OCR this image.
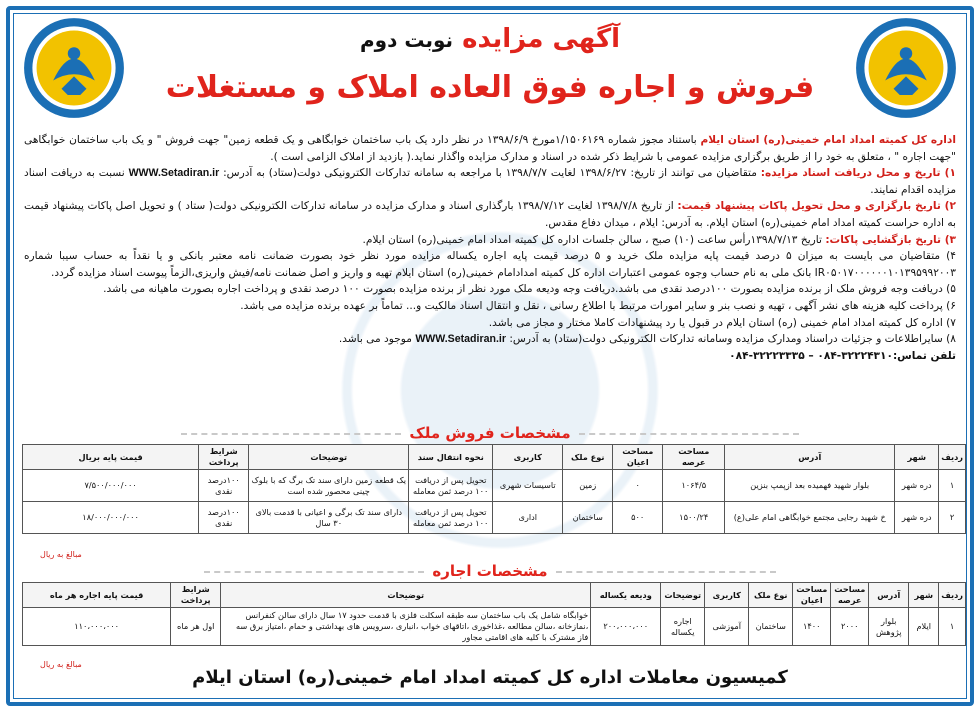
آگهی مزایده نوبت دوم
فروش و اجاره فوق العاده املاک و مستغلات

اداره کل کمیته امداد امام خمینی(ره) استان ایلام باستناد مجوز شماره ۱/۱۵۰۶۱۶۹مورخ ۱۳۹۸/۶/۹ در نظر دارد یک باب ساختمان خوابگاهی و یک قطعه زمین" جهت فروش " و یک باب ساختمان خوابگاهی "جهت اجاره " ، متعلق به خود را از طریق برگزاری مزایده عمومی با شرایط ذکر شده در اسناد و مدارک مزایده واگذار نماید.( بازدید از املاک الزامی است ).

۱) تاریخ و محل دریافت اسناد مزایده: متقاضیان می توانند از تاریخ: ۱۳۹۸/۶/۲۷ لغایت ۱۳۹۸/۷/۷ با مراجعه به سامانه تدارکات الکترونیکی دولت(ستاد) به آدرس: WWW.Setadiran.ir نسبت به دریافت اسناد مزایده اقدام نمایند.

۲) تاریخ بارگزاری و محل تحویل پاکات پیشنهاد قیمت: از تاریخ ۱۳۹۸/۷/۸ لغایت ۱۳۹۸/۷/۱۲ بارگذاری اسناد و مدارک مزایده در سامانه تدارکات الکترونیکی دولت( ستاد ) و تحویل اصل پاکات پیشنهاد قیمت به اداره حراست کمیته امداد امام خمینی(ره) استان ایلام. به آدرس: ایلام ، میدان دفاع مقدس.

۳) تاریخ بازگشایی پاکات: تاریخ ۱۳۹۸/۷/۱۳رأس ساعت (۱۰) صبح ، سالن جلسات اداره کل کمیته امداد امام خمینی(ره) استان ایلام.

۴) متقاضیان می بایست به میزان ۵ درصد قیمت پایه مزایده ملک خرید و ۵ درصد قیمت پایه اجاره یکساله مزایده مورد نظر خود بصورت ضمانت نامه معتبر بانکی و یا نقداً به حساب سیبا شماره IR۰۵۰۱۷۰۰۰۰۰۰۱۰۱۳۹۵۹۹۲۰۰۳ بانک ملی به نام حساب وجوه عمومی اعتبارات اداره کل کمیته امدادامام خمینی(ره) استان ایلام تهیه و واریز و اصل ضمانت نامه/فیش واریزی،الزماً پیوست اسناد مزایده گردد.

۵) دریافت وجه فروش ملک از برنده مزایده بصورت ۱۰۰درصد نقدی می باشد.دریافت وجه ودیعه ملک مورد نظر از برنده مزایده بصورت ۱۰۰ درصد نقدی و پرداخت اجاره بصورت ماهیانه می باشد.

۶) پرداخت کلیه هزینه های نشر آگهی ، تهیه و نصب بنر و سایر امورات مرتبط با اطلاع رسانی ، نقل و انتقال اسناد مالکیت و... تماماً بر عهده برنده مزایده می باشد.

۷) اداره کل کمیته امداد امام خمینی (ره) استان ایلام در قبول یا رد پیشنهادات کاملا مختار و مجاز می باشد.

۸) سایراطلاعات و جزئیات دراسناد ومدارک مزایده وسامانه تدارکات الکترونیکی دولت(ستاد) به آدرس: WWW.Setadiran.ir موجود می باشد.

تلفن تماس:۳۲۲۲۴۳۱۰-۰۸۴ – ۳۲۲۲۳۳۳۵-۰۸۴

مشخصات فروش ملک
ردیف	شهر	آدرس	مساحت عرصه	مساحت اعیان	نوع ملک	کاربری	نحوه انتقال سند	توضیحات	شرایط پرداخت	قیمت پایه بریال
۱	دره شهر	بلوار شهید فهمیده بعد ازپمپ بنزین	۱۰۶۴/۵	۰	زمین	تاسیسات شهری	تحویل پس از دریافت ۱۰۰ درصد ثمن معامله	یک قطعه زمین دارای سند تک برگ که با بلوک چینی محصور شده است	۱۰۰درصد نقدی	۷/۵۰۰/۰۰۰/۰۰۰
۲	دره شهر	خ شهید رجایی مجتمع خوابگاهی امام علی(ع)	۱۵۰۰/۲۴	۵۰۰	ساختمان	اداری	تحویل پس از دریافت ۱۰۰ درصد ثمن معامله	دارای سند تک برگی و اعیانی با قدمت بالای ۳۰ سال	۱۰۰درصد نقدی	۱۸/۰۰۰/۰۰۰/۰۰۰
مبالغ به ریال
مشخصات اجاره
ردیف	شهر	آدرس	مساحت عرصه	مساحت اعیان	نوع ملک	کاربری	توضیحات	ودیعه یکساله	توضیحات	شرایط پرداخت	قیمت پایه اجاره هر ماه
۱	ایلام	بلوار پژوهش	۲۰۰۰	۱۴۰۰	ساختمان	آموزشی	اجاره یکساله	۲۰۰،۰۰۰،۰۰۰	خوابگاه شامل یک باب ساختمان سه طبقه اسکلت فلزی با قدمت حدود ۱۷ سال دارای سالن کنفرانس ،نمازخانه ،سالن مطالعه ،غذاخوری ،اتاقهای خواب ،انباری ،سرویس های بهداشتی و حمام ،امتیاز برق سه فاز مشترک با کلیه های اقامتی مجاور	اول هر ماه	۱۱۰،۰۰۰،۰۰۰
مبالغ به ریال
کمیسیون معاملات اداره کل کمیته امداد امام خمینی(ره) استان ایلام
